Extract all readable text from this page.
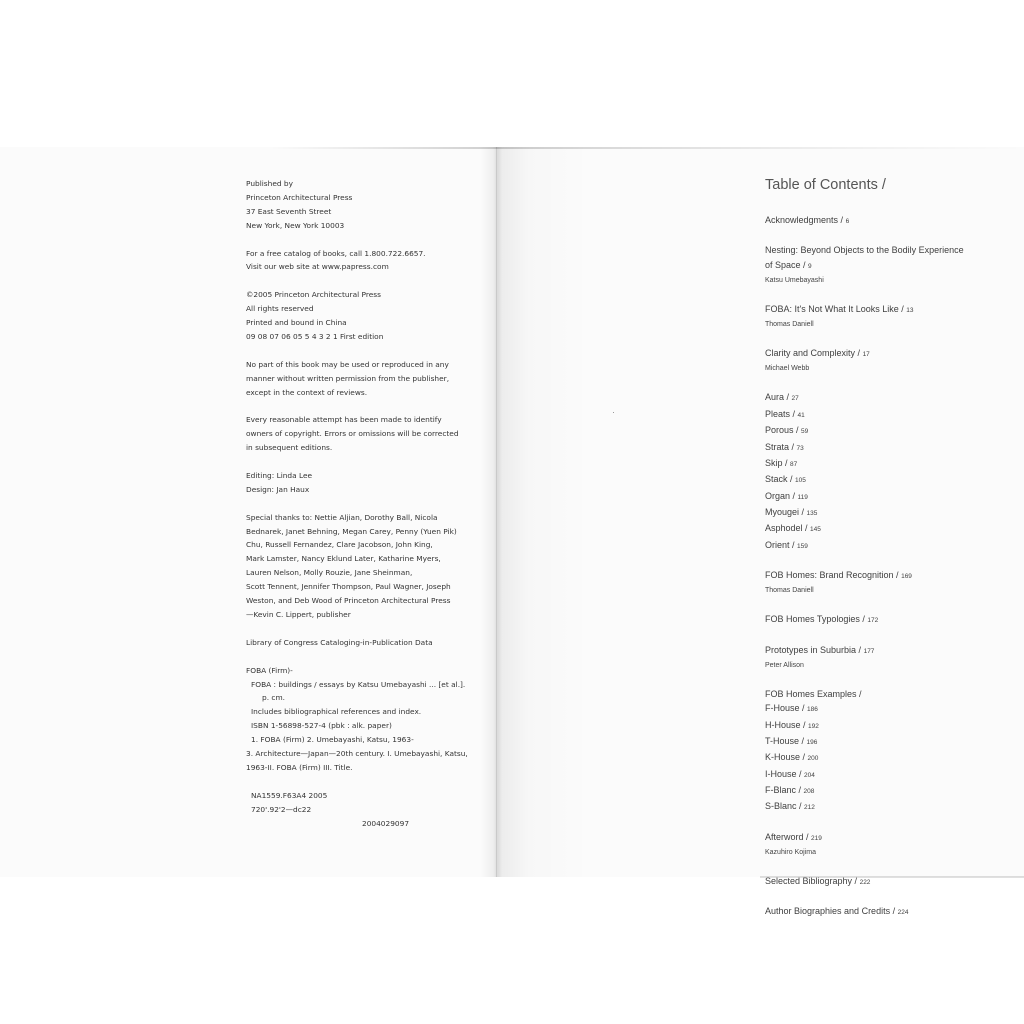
Published by

Princeton Architectural Press

37 East Seventh Street

New York, New York 10003

For a free catalog of books, call 1.800.722.6657.

Visit our web site at www.papress.com

©2005 Princeton Architectural Press

All rights reserved

Printed and bound in China

09 08 07 06 05 5 4 3 2 1 First edition

No part of this book may be used or reproduced in any

manner without written permission from the publisher,

except in the context of reviews.

Every reasonable attempt has been made to identify

owners of copyright. Errors or omissions will be corrected

in subsequent editions.

Editing: Linda Lee

Design: Jan Haux

Special thanks to: Nettie Aljian, Dorothy Ball, Nicola

Bednarek, Janet Behning, Megan Carey, Penny (Yuen Pik)

Chu, Russell Fernandez, Clare Jacobson, John King,

Mark Lamster, Nancy Eklund Later, Katharine Myers,

Lauren Nelson, Molly Rouzie, Jane Sheinman,

Scott Tennent, Jennifer Thompson, Paul Wagner, Joseph

Weston, and Deb Wood of Princeton Architectural Press

—Kevin C. Lippert, publisher

Library of Congress Cataloging-in-Publication Data

FOBA (Firm)-

FOBA : buildings / essays by Katsu Umebayashi ... [et al.].

p. cm.

Includes bibliographical references and index.

ISBN 1-56898-527-4 (pbk : alk. paper)

1. FOBA (Firm) 2. Umebayashi, Katsu, 1963-

3. Architecture—Japan—20th century. I. Umebayashi, Katsu,

1963-II. FOBA (Firm) III. Title.

NA1559.F63A4 2005

720'.92'2—dc22

2004029097

Table of Contents /

Acknowledgments / 6

Nesting: Beyond Objects to the Bodily Experience

of Space / 9

Katsu Umebayashi

FOBA: It's Not What It Looks Like / 13

Thomas Daniell

Clarity and Complexity / 17

Michael Webb

Aura / 27

Pleats / 41

Porous / 59

Strata / 73

Skip / 87

Stack / 105

Organ / 119

Myougei / 135

Asphodel / 145

Orient / 159

FOB Homes: Brand Recognition / 169

Thomas Daniell

FOB Homes Typologies / 172

Prototypes in Suburbia / 177

Peter Allison

FOB Homes Examples /

F-House / 186

H-House / 192

T-House / 196

K-House / 200

I-House / 204

F-Blanc / 208

S-Blanc / 212

Afterword / 219

Kazuhiro Kojima

Selected Bibliography / 222

Author Biographies and Credits / 224
